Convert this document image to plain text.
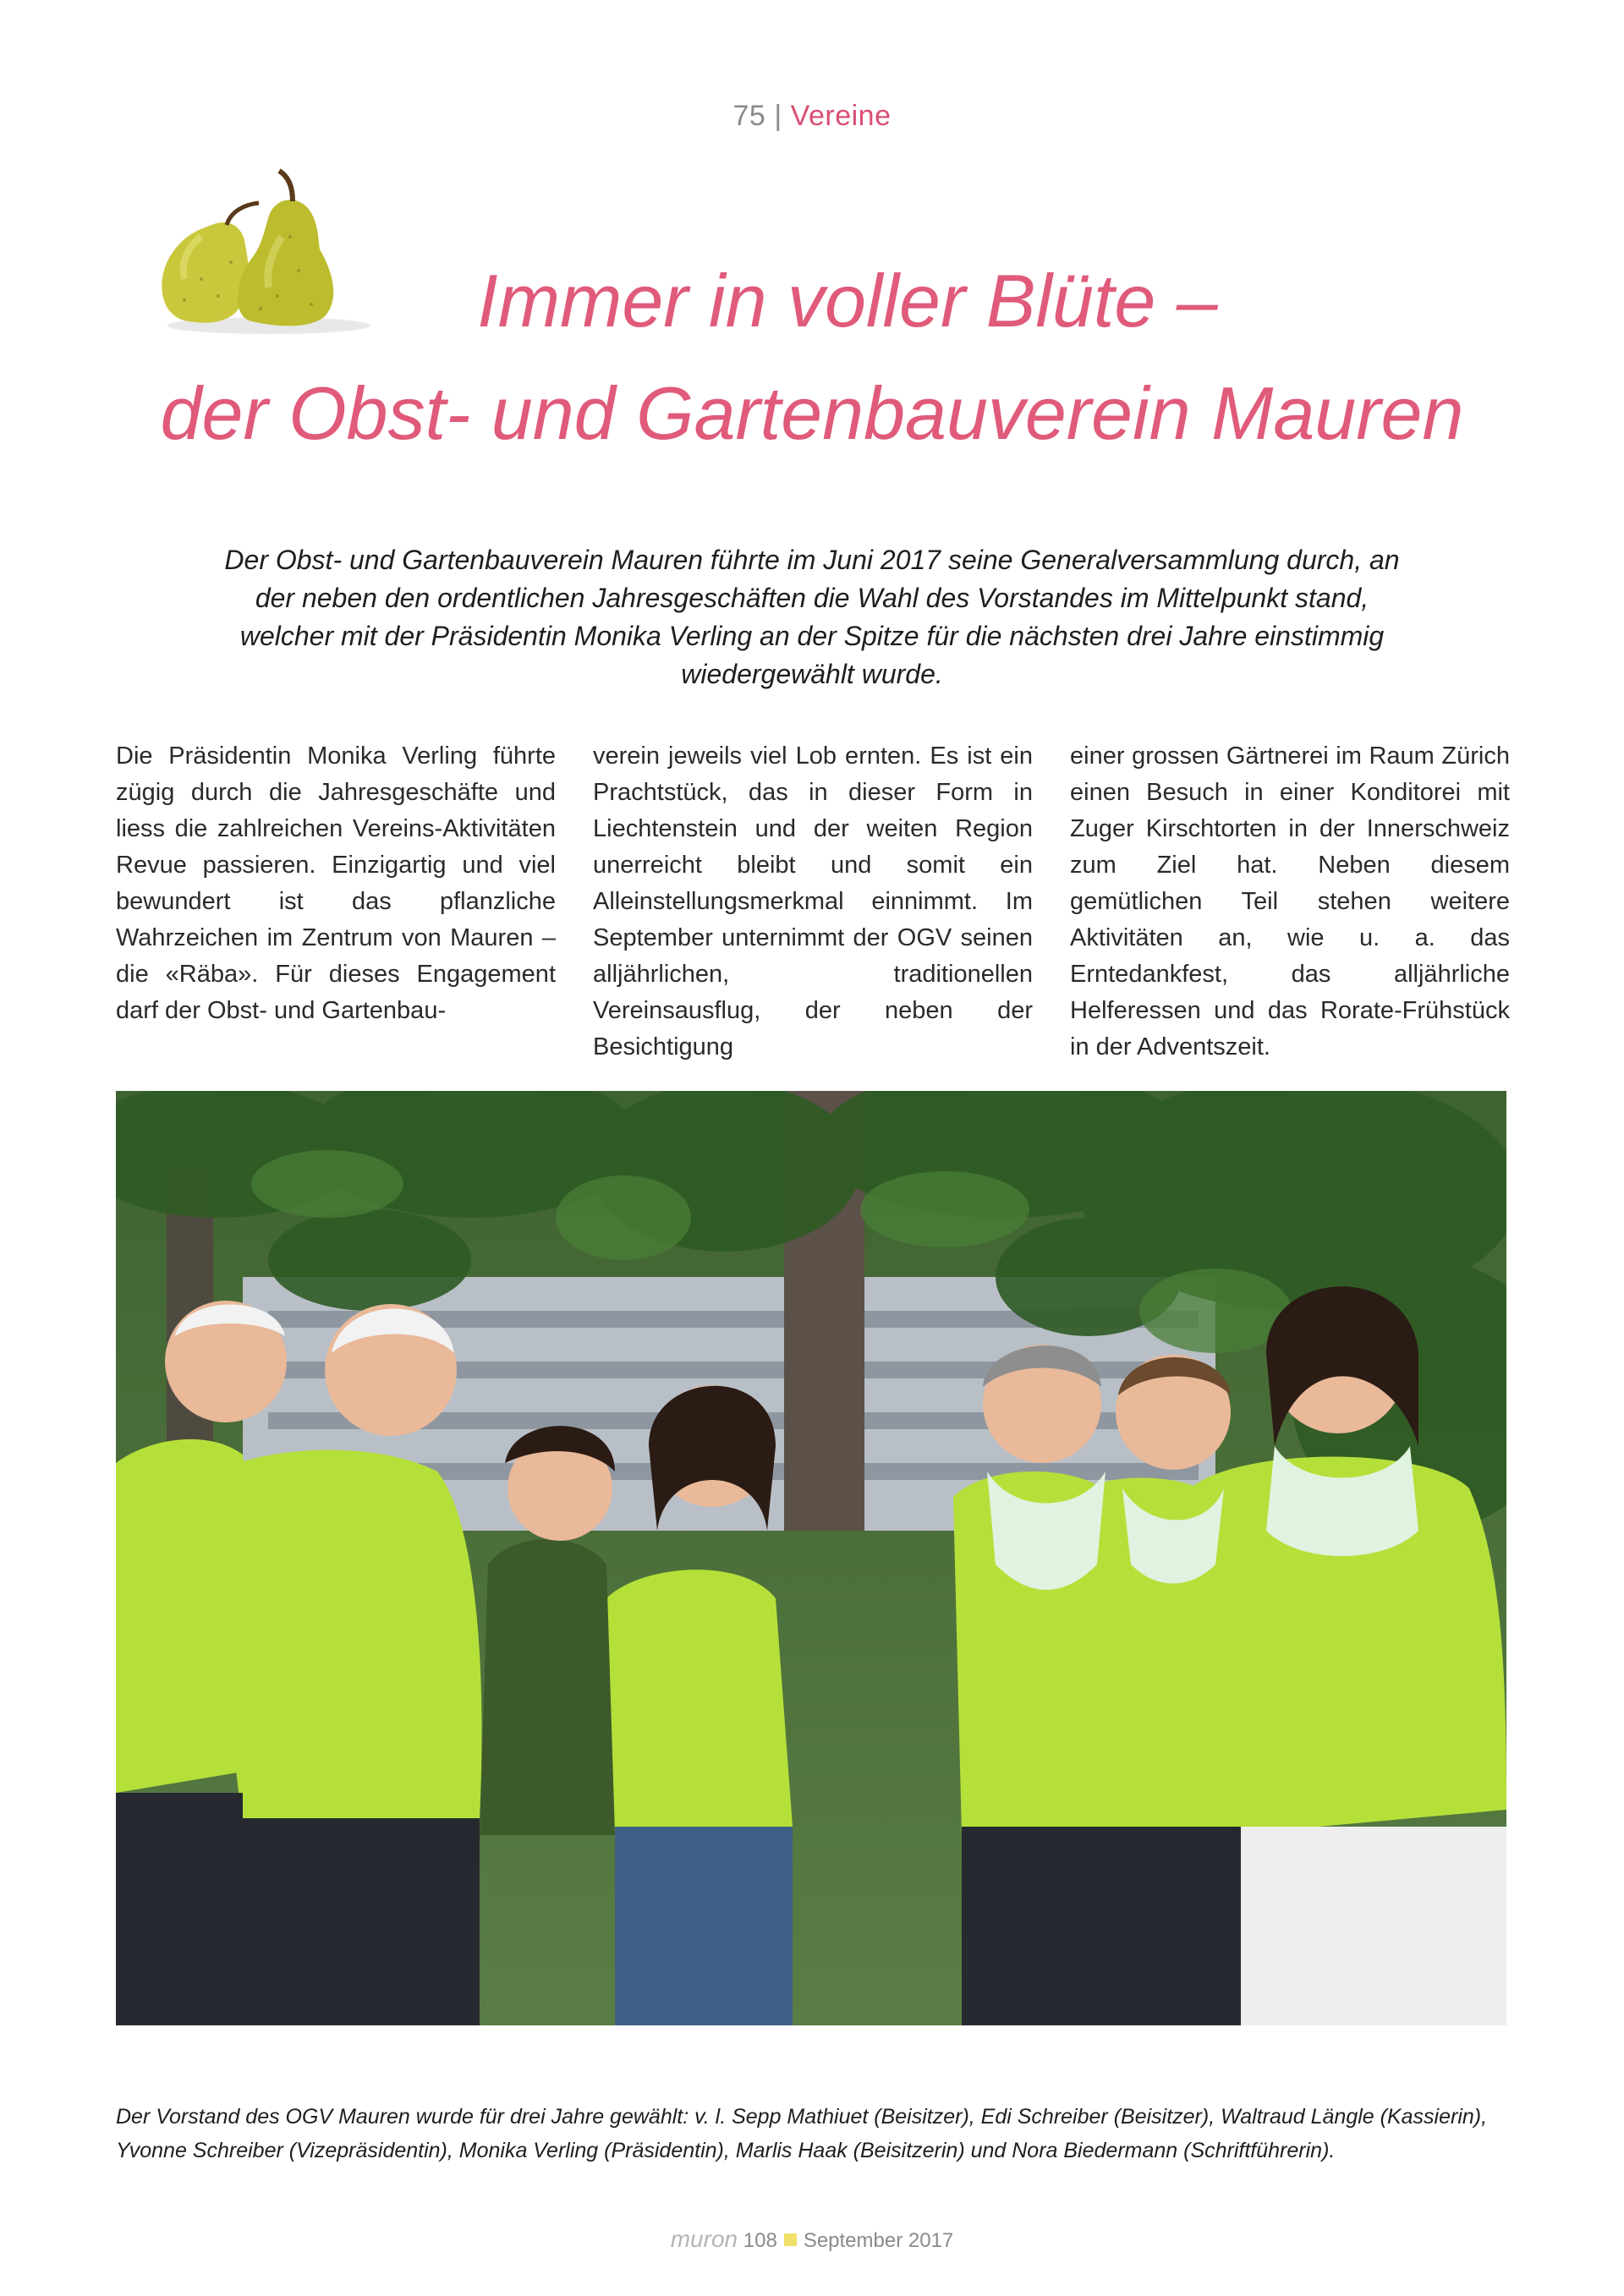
75 | Vereine
Immer in voller Blüte –
der Obst- und Gartenbauverein Mauren

Der Obst- und Gartenbauverein Mauren führte im Juni 2017 seine Generalversammlung durch, an der neben den ordentlichen Jahresgeschäften die Wahl des Vorstandes im Mittelpunkt stand, welcher mit der Präsidentin Monika Verling an der Spitze für die nächsten drei Jahre einstimmig wiedergewählt wurde.

Die Präsidentin Monika Verling führte zügig durch die Jahresgeschäfte und liess die zahlreichen Vereins-Aktivitäten Revue passieren. Einzigartig und viel bewundert ist das pflanzliche Wahrzeichen im Zentrum von Mauren – die «Räba». Für dieses Engagement darf der Obst- und Gartenbau-
verein jeweils viel Lob ernten. Es ist ein Prachtstück, das in dieser Form in Liechtenstein und der weiten Region unerreicht bleibt und somit ein Alleinstellungsmerkmal einnimmt. Im September unternimmt der OGV seinen alljährlichen, traditionellen Vereinsausflug, der neben der Besichtigung
einer grossen Gärtnerei im Raum Zürich einen Besuch in einer Konditorei mit Zuger Kirschtorten in der Innerschweiz zum Ziel hat. Neben diesem gemütlichen Teil stehen weitere Aktivitäten an, wie u. a. das Erntedankfest, das alljährliche Helferessen und das Rorate-Frühstück in der Adventszeit.

Der Vorstand des OGV Mauren wurde für drei Jahre gewählt: v. l. Sepp Mathiuet (Beisitzer), Edi Schreiber (Beisitzer), Waltraud Längle (Kassierin), Yvonne Schreiber (Vizepräsidentin), Monika Verling (Präsidentin), Marlis Haak (Beisitzerin) und Nora Biedermann (Schriftführerin).

muron 108 September 2017
